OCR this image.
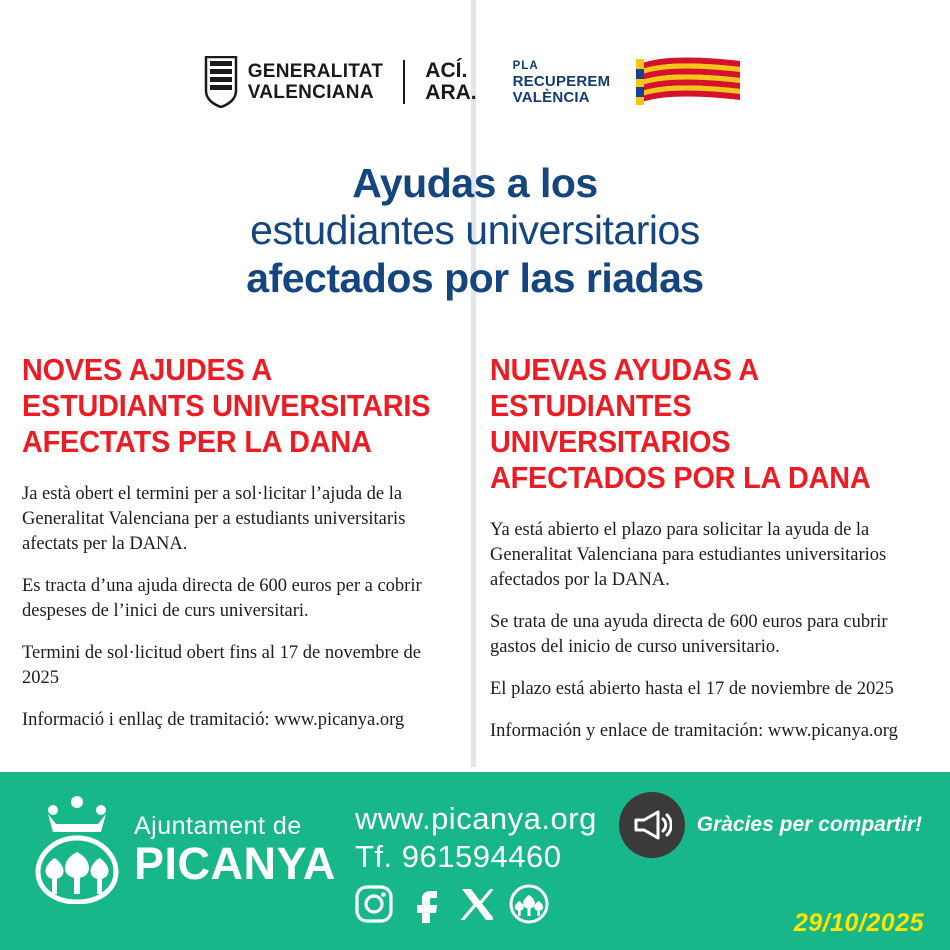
GENERALITAT
VALENCIANA
ACÍ.
ARA.
PLA
RECUPEREM
VALÈNCIA
Ayudas a los
estudiantes universitarios
afectados por las riadas
NOVES AJUDES A ESTUDIANTS UNIVERSITARIS AFECTATS PER LA DANA
Ja està obert el termini per a sol·licitar l’ajuda de la Generalitat Valenciana per a estudiants universitaris afectats per la DANA.
Es tracta d’una ajuda directa de 600 euros per a cobrir despeses de l’inici de curs universitari.
Termini de sol·licitud obert fins al 17 de novembre de 2025
Informació i enllaç de tramitació: www.picanya.org
NUEVAS AYUDAS A ESTUDIANTES UNIVERSITARIOS AFECTADOS POR LA DANA
Ya está abierto el plazo para solicitar la ayuda de la Generalitat Valenciana para estudiantes universitarios afectados por la DANA.
Se trata de una ayuda directa de 600 euros para cubrir gastos del inicio de curso universitario.
El plazo está abierto hasta el 17 de noviembre de 2025
Información y enlace de tramitación: www.picanya.org
Ajuntament de
PICANYA
www.picanya.org
Tf. 961594460
Gràcies per compartir!
29/10/2025
